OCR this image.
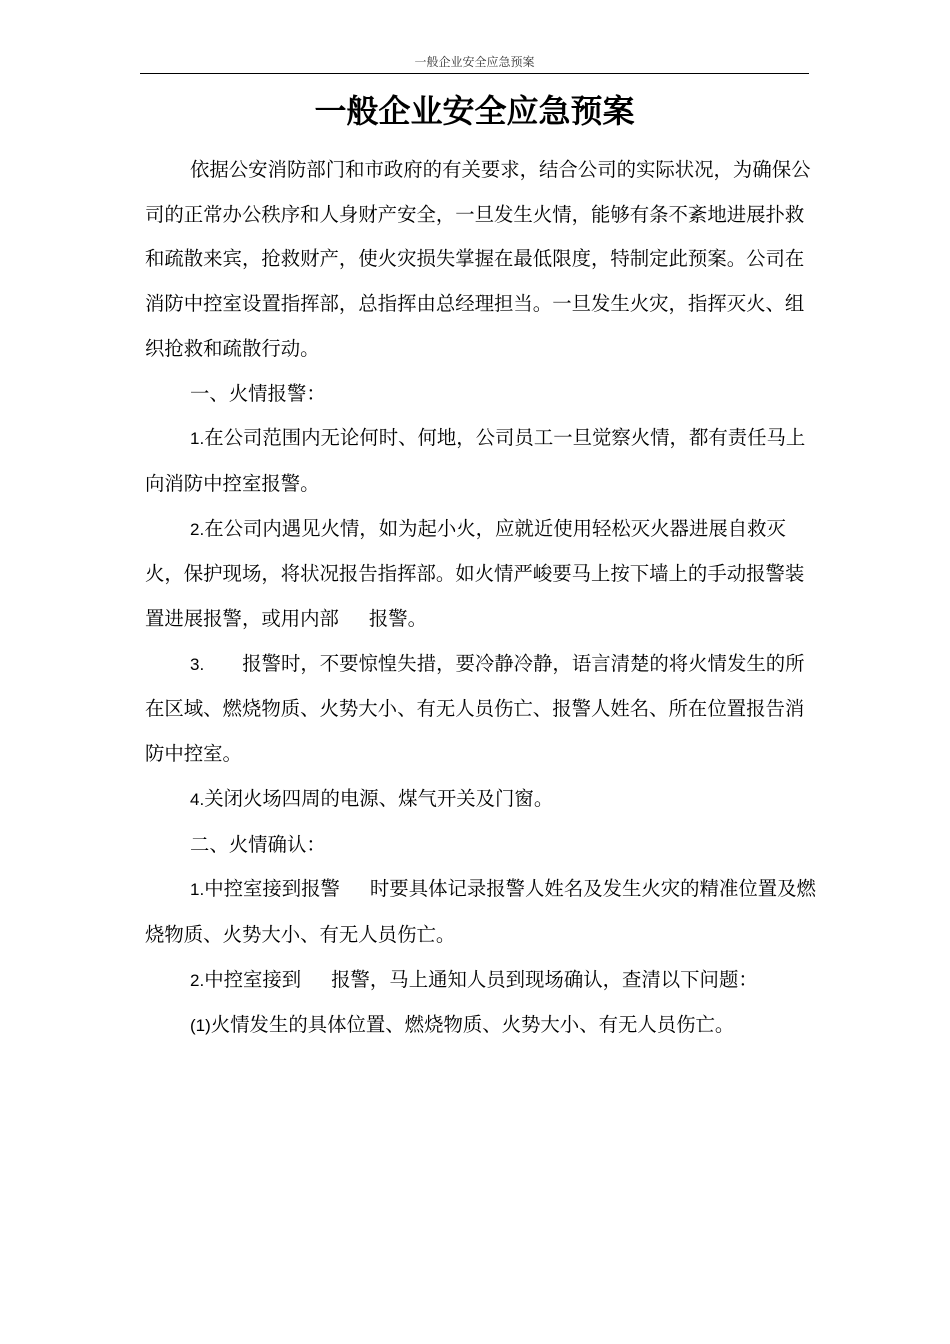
一般企业安全应急预案
一般企业安全应急预案

依据公安消防部门和市政府的有关要求，结合公司的实际状况，为确保公司的正常办公秩序和人身财产安全，一旦发生火情，能够有条不紊地进展扑救和疏散来宾，抢救财产，使火灾损失掌握在最低限度，特制定此预案。公司在消防中控室设置指挥部，总指挥由总经理担当。一旦发生火灾，指挥灭火、组织抢救和疏散行动。

一、火情报警：

1.在公司范围内无论何时、何地，公司员工一旦觉察火情，都有责任马上向消防中控室报警。

2.在公司内遇见火情，如为起小火，应就近使用轻松灭火器进展自救灭火，保护现场，将状况报告指挥部。如火情严峻要马上按下墙上的手动报警装置进展报警，或用内部 报警。

3. 报警时，不要惊惶失措，要冷静冷静，语言清楚的将火情发生的所在区域、燃烧物质、火势大小、有无人员伤亡、报警人姓名、所在位置报告消防中控室。

4.关闭火场四周的电源、煤气开关及门窗。

二、火情确认：

1.中控室接到报警 时要具体记录报警人姓名及发生火灾的精准位置及燃烧物质、火势大小、有无人员伤亡。

2.中控室接到 报警，马上通知人员到现场确认，查清以下问题：

(1)火情发生的具体位置、燃烧物质、火势大小、有无人员伤亡。
